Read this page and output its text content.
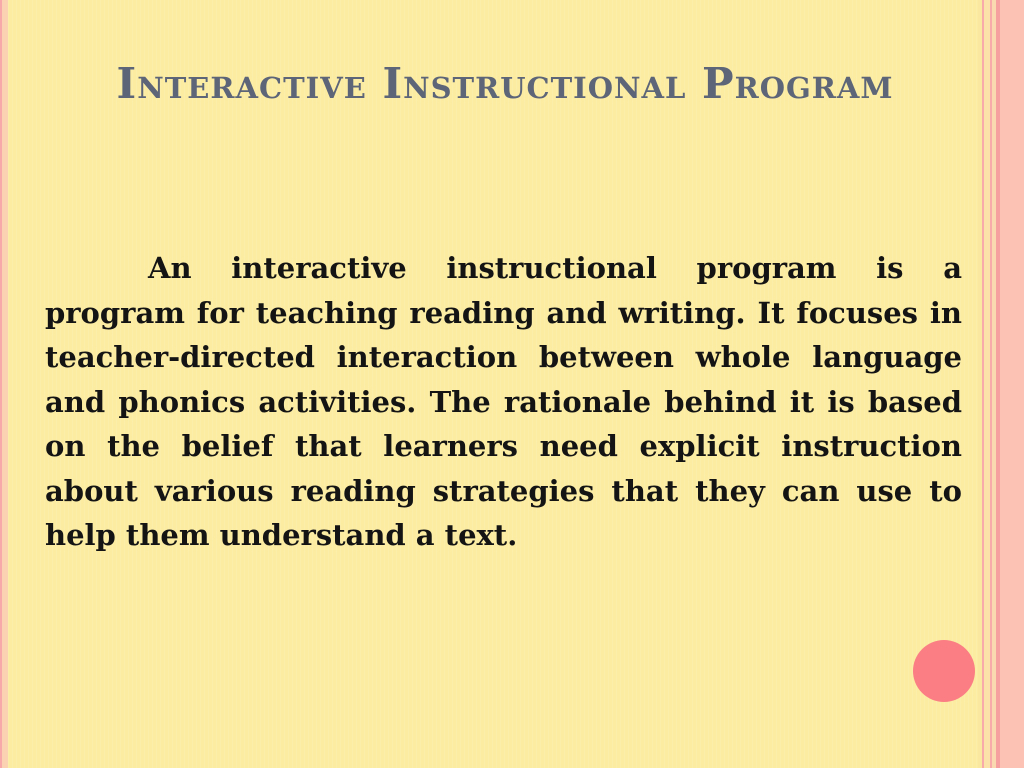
Interactive Instructional Program

An interactive instructional program is a program for teaching reading and writing. It focuses in teacher-directed interaction between whole language and phonics activities. The rationale behind it is based on the belief that learners need explicit instruction about various reading strategies that they can use to help them understand a text.
